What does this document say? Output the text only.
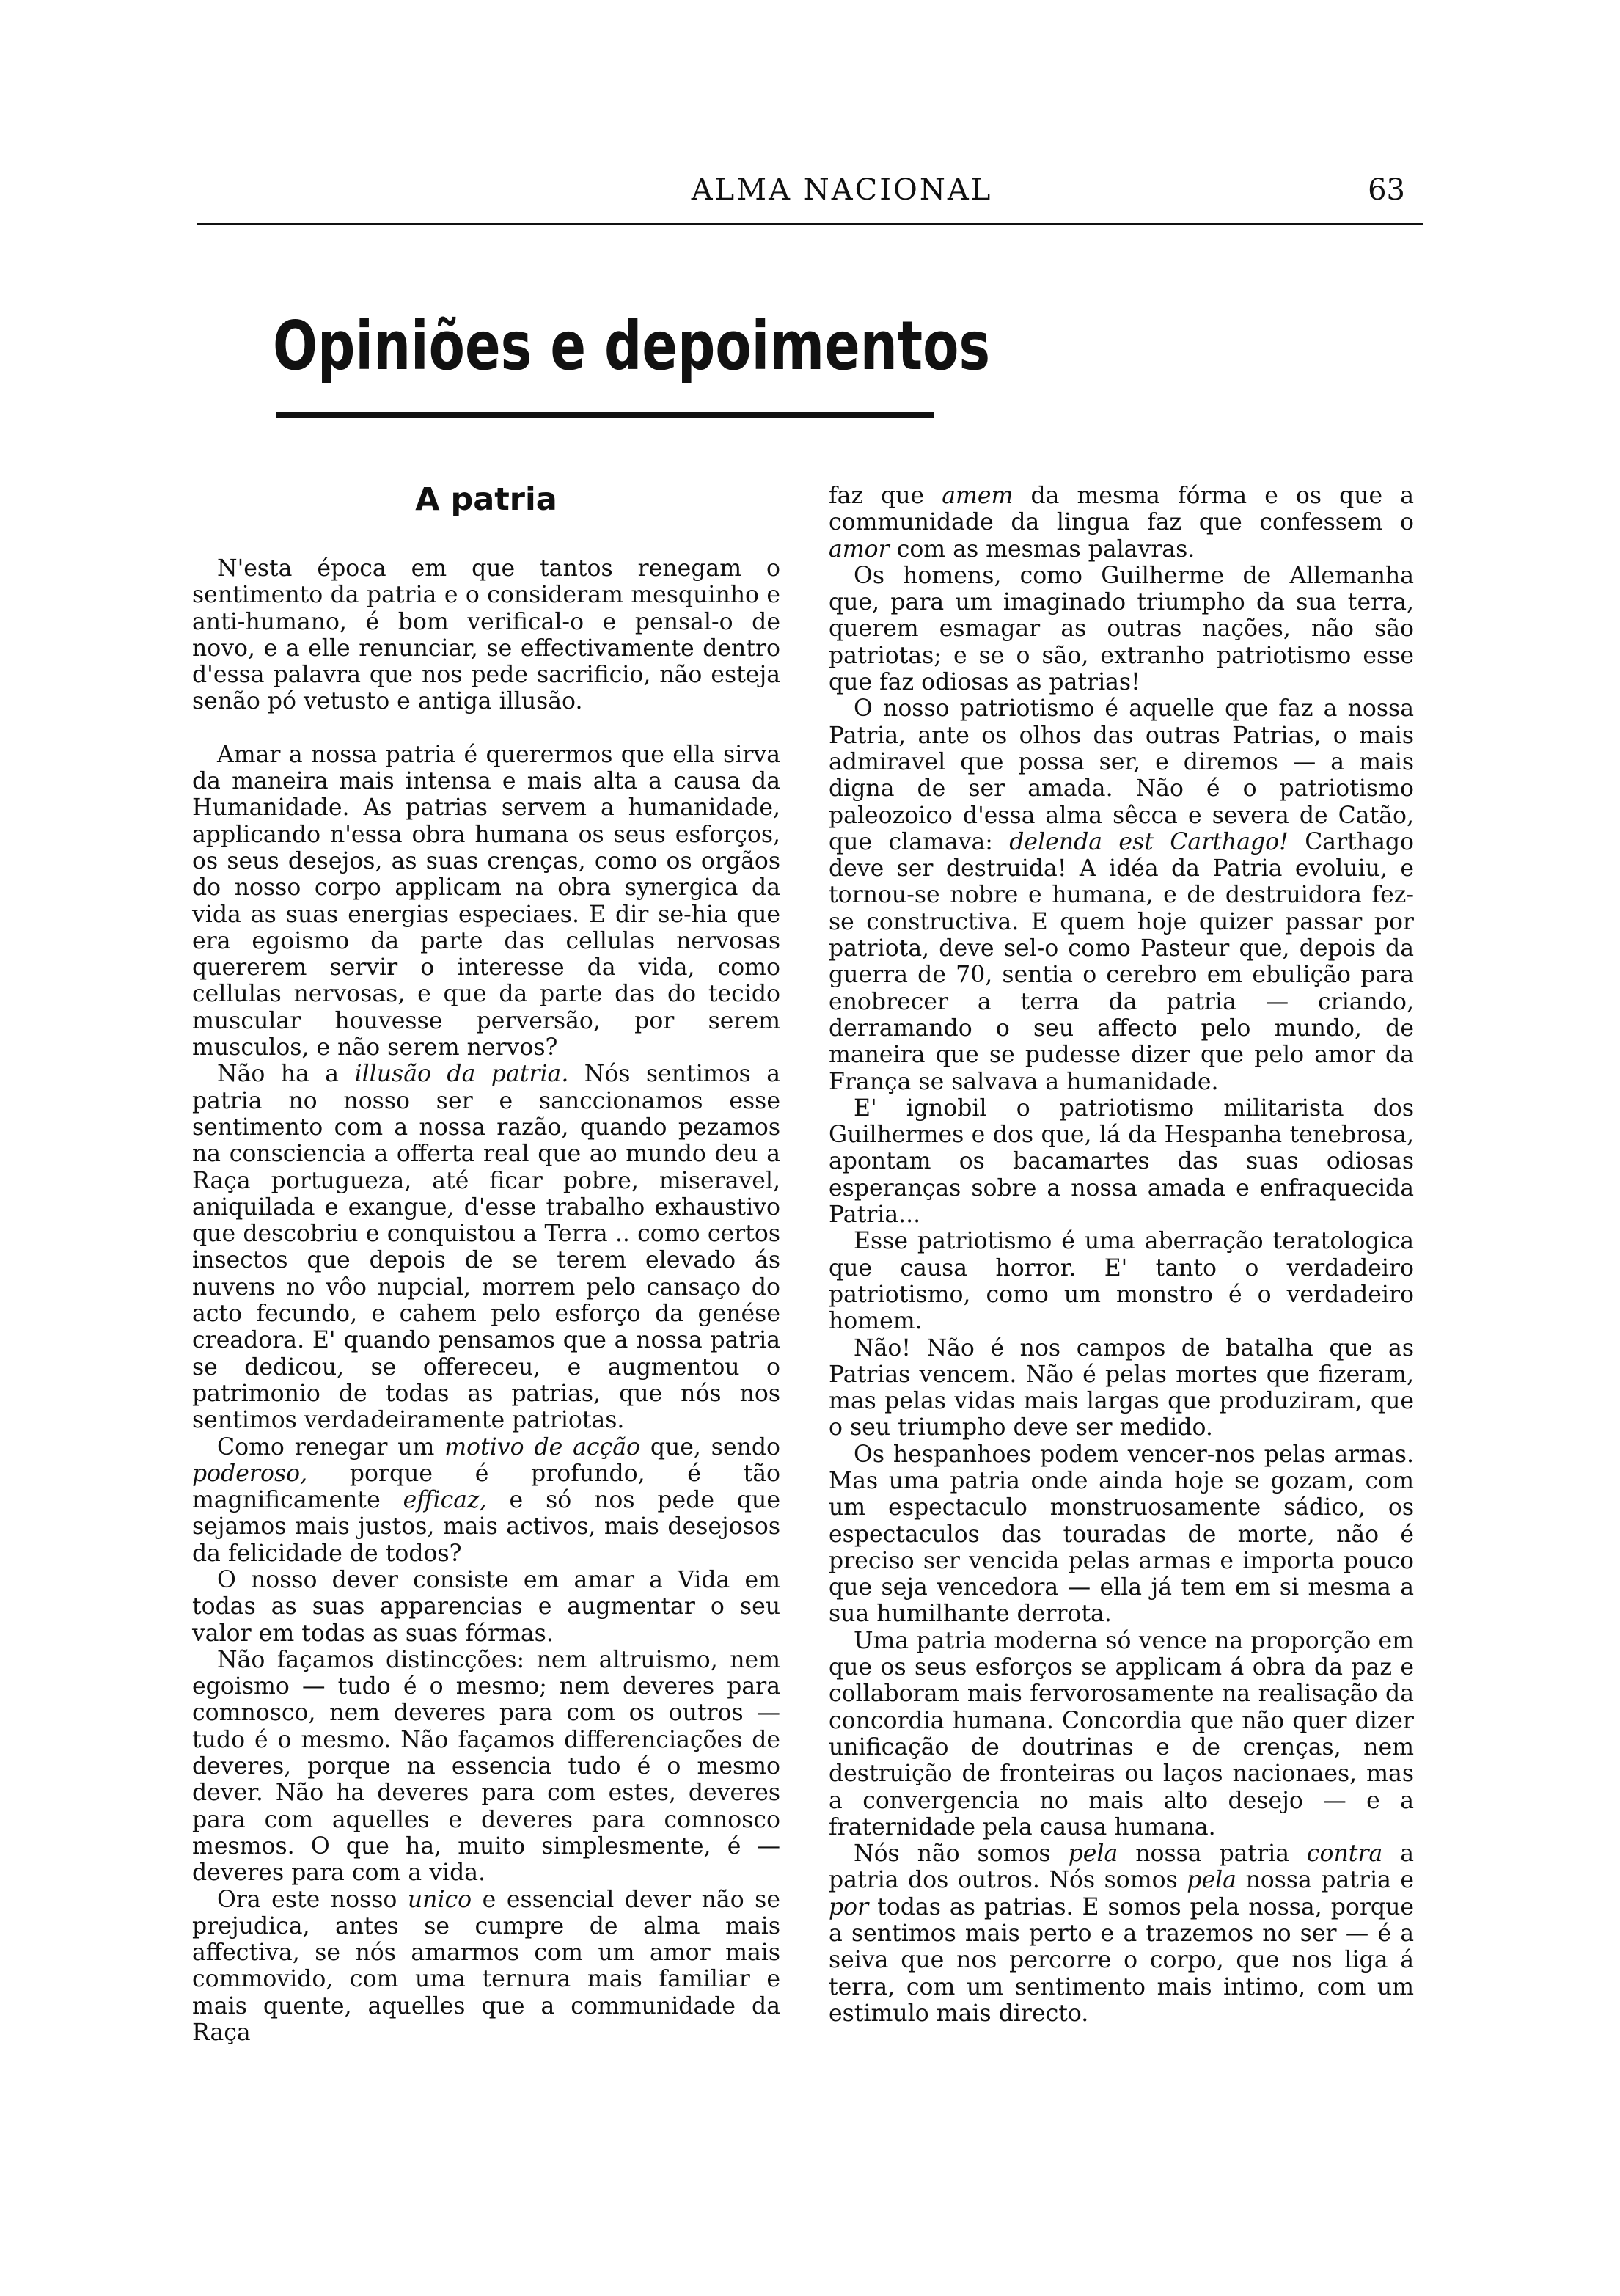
ALMA NACIONAL	63
Opiniões e depoimentos
A patria

N'esta época em que tantos renegam o sentimento da patria e o consideram mesquinho e anti-humano, é bom verifical-o e pensal-o de novo, e a elle renunciar, se effectivamente dentro d'essa palavra que nos pede sacrificio, não esteja senão pó vetusto e antiga illusão.

Amar a nossa patria é querermos que ella sirva da maneira mais intensa e mais alta a causa da Humanidade. As patrias servem a humanidade, applicando n'essa obra humana os seus esforços, os seus desejos, as suas crenças, como os orgãos do nosso corpo applicam na obra synergica da vida as suas energias especiaes. E dir se-hia que era egoismo da parte das cellulas nervosas quererem servir o interesse da vida, como cellulas nervosas, e que da parte das do tecido muscular houvesse perversão, por serem musculos, e não serem nervos?

Não ha a illusão da patria. Nós sentimos a patria no nosso ser e sanccionamos esse sentimento com a nossa razão, quando pezamos na consciencia a offerta real que ao mundo deu a Raça portugueza, até ficar pobre, miseravel, aniquilada e exangue, d'esse trabalho exhaustivo que descobriu e conquistou a Terra .. como certos insectos que depois de se terem elevado ás nuvens no vôo nupcial, morrem pelo cansaço do acto fecundo, e cahem pelo esforço da genése creadora. E' quando pensamos que a nossa patria se dedicou, se offereceu, e augmentou o patrimonio de todas as patrias, que nós nos sentimos verdadeiramente patriotas.

Como renegar um motivo de acção que, sendo poderoso, porque é profundo, é tão magnificamente efficaz, e só nos pede que sejamos mais justos, mais activos, mais desejosos da felicidade de todos?

O nosso dever consiste em amar a Vida em todas as suas apparencias e augmentar o seu valor em todas as suas fórmas.

Não façamos distincções: nem altruismo, nem egoismo — tudo é o mesmo; nem deveres para comnosco, nem deveres para com os outros — tudo é o mesmo. Não façamos differenciações de deveres, porque na essencia tudo é o mesmo dever. Não ha deveres para com estes, deveres para com aquelles e deveres para comnosco mesmos. O que ha, muito simplesmente, é — deveres para com a vida.

Ora este nosso unico e essencial dever não se prejudica, antes se cumpre de alma mais affectiva, se nós amarmos com um amor mais commovido, com uma ternura mais familiar e mais quente, aquelles que a communidade da Raça

faz que amem da mesma fórma e os que a communidade da lingua faz que confessem o amor com as mesmas palavras.

Os homens, como Guilherme de Allemanha que, para um imaginado triumpho da sua terra, querem esmagar as outras nações, não são patriotas; e se o são, extranho patriotismo esse que faz odiosas as patrias!

O nosso patriotismo é aquelle que faz a nossa Patria, ante os olhos das outras Patrias, o mais admiravel que possa ser, e diremos — a mais digna de ser amada. Não é o patriotismo paleozoico d'essa alma sêcca e severa de Catão, que clamava: delenda est Carthago! Carthago deve ser destruida! A idéa da Patria evoluiu, e tornou-se nobre e humana, e de destruidora fez-se constructiva. E quem hoje quizer passar por patriota, deve sel-o como Pasteur que, depois da guerra de 70, sentia o cerebro em ebulição para enobrecer a terra da patria — criando, derramando o seu affecto pelo mundo, de maneira que se pudesse dizer que pelo amor da França se salvava a humanidade.

E' ignobil o patriotismo militarista dos Guilhermes e dos que, lá da Hespanha tenebrosa, apontam os bacamartes das suas odiosas esperanças sobre a nossa amada e enfraquecida Patria...

Esse patriotismo é uma aberração teratologica que causa horror. E' tanto o verdadeiro patriotismo, como um monstro é o verdadeiro homem.

Não! Não é nos campos de batalha que as Patrias vencem. Não é pelas mortes que fizeram, mas pelas vidas mais largas que produziram, que o seu triumpho deve ser medido.

Os hespanhoes podem vencer-nos pelas armas. Mas uma patria onde ainda hoje se gozam, com um espectaculo monstruosamente sádico, os espectaculos das touradas de morte, não é preciso ser vencida pelas armas e importa pouco que seja vencedora — ella já tem em si mesma a sua humilhante derrota.

Uma patria moderna só vence na proporção em que os seus esforços se applicam á obra da paz e collaboram mais fervorosamente na realisação da concordia humana. Concordia que não quer dizer unificação de doutrinas e de crenças, nem destruição de fronteiras ou laços nacionaes, mas a convergencia no mais alto desejo — e a fraternidade pela causa humana.

Nós não somos pela nossa patria contra a patria dos outros. Nós somos pela nossa patria e por todas as patrias. E somos pela nossa, porque a sentimos mais perto e a trazemos no ser — é a seiva que nos percorre o corpo, que nos liga á terra, com um sentimento mais intimo, com um estimulo mais directo.
